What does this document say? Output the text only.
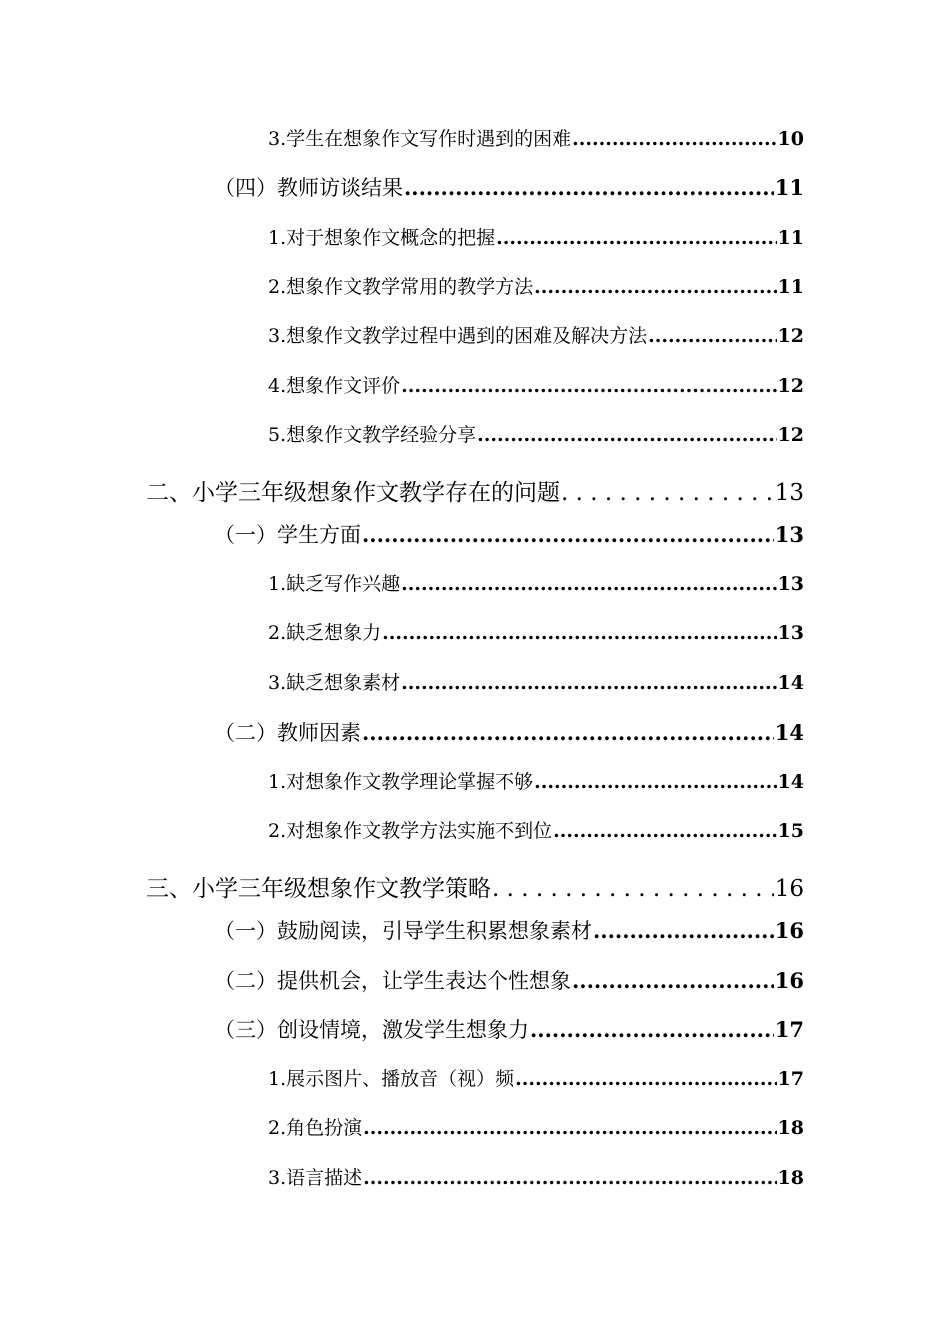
3.学生在想象作文写作时遇到的困难 .....	10
（四）教师访谈结果 .....	11
1.对于想象作文概念的把握 .....	11
2.想象作文教学常用的教学方法 .....	11
3.想象作文教学过程中遇到的困难及解决方法 .....	12
4.想象作文评价 .....	12
5.想象作文教学经验分享 .....	12
二、小学三年级想象作文教学存在的问题 . . .	13
（一）学生方面 .....	13
1.缺乏写作兴趣 .....	13
2.缺乏想象力 .....	13
3.缺乏想象素材 .....	14
（二）教师因素 .....	14
1.对想象作文教学理论掌握不够 .....	14
2.对想象作文教学方法实施不到位 .....	15
三、小学三年级想象作文教学策略 . . .	16
（一）鼓励阅读，引导学生积累想象素材 .....	16
（二）提供机会，让学生表达个性想象 .....	16
（三）创设情境，激发学生想象力 .....	17
1.展示图片、播放音（视）频 .....	17
2.角色扮演 .....	18
3.语言描述 .....	18
